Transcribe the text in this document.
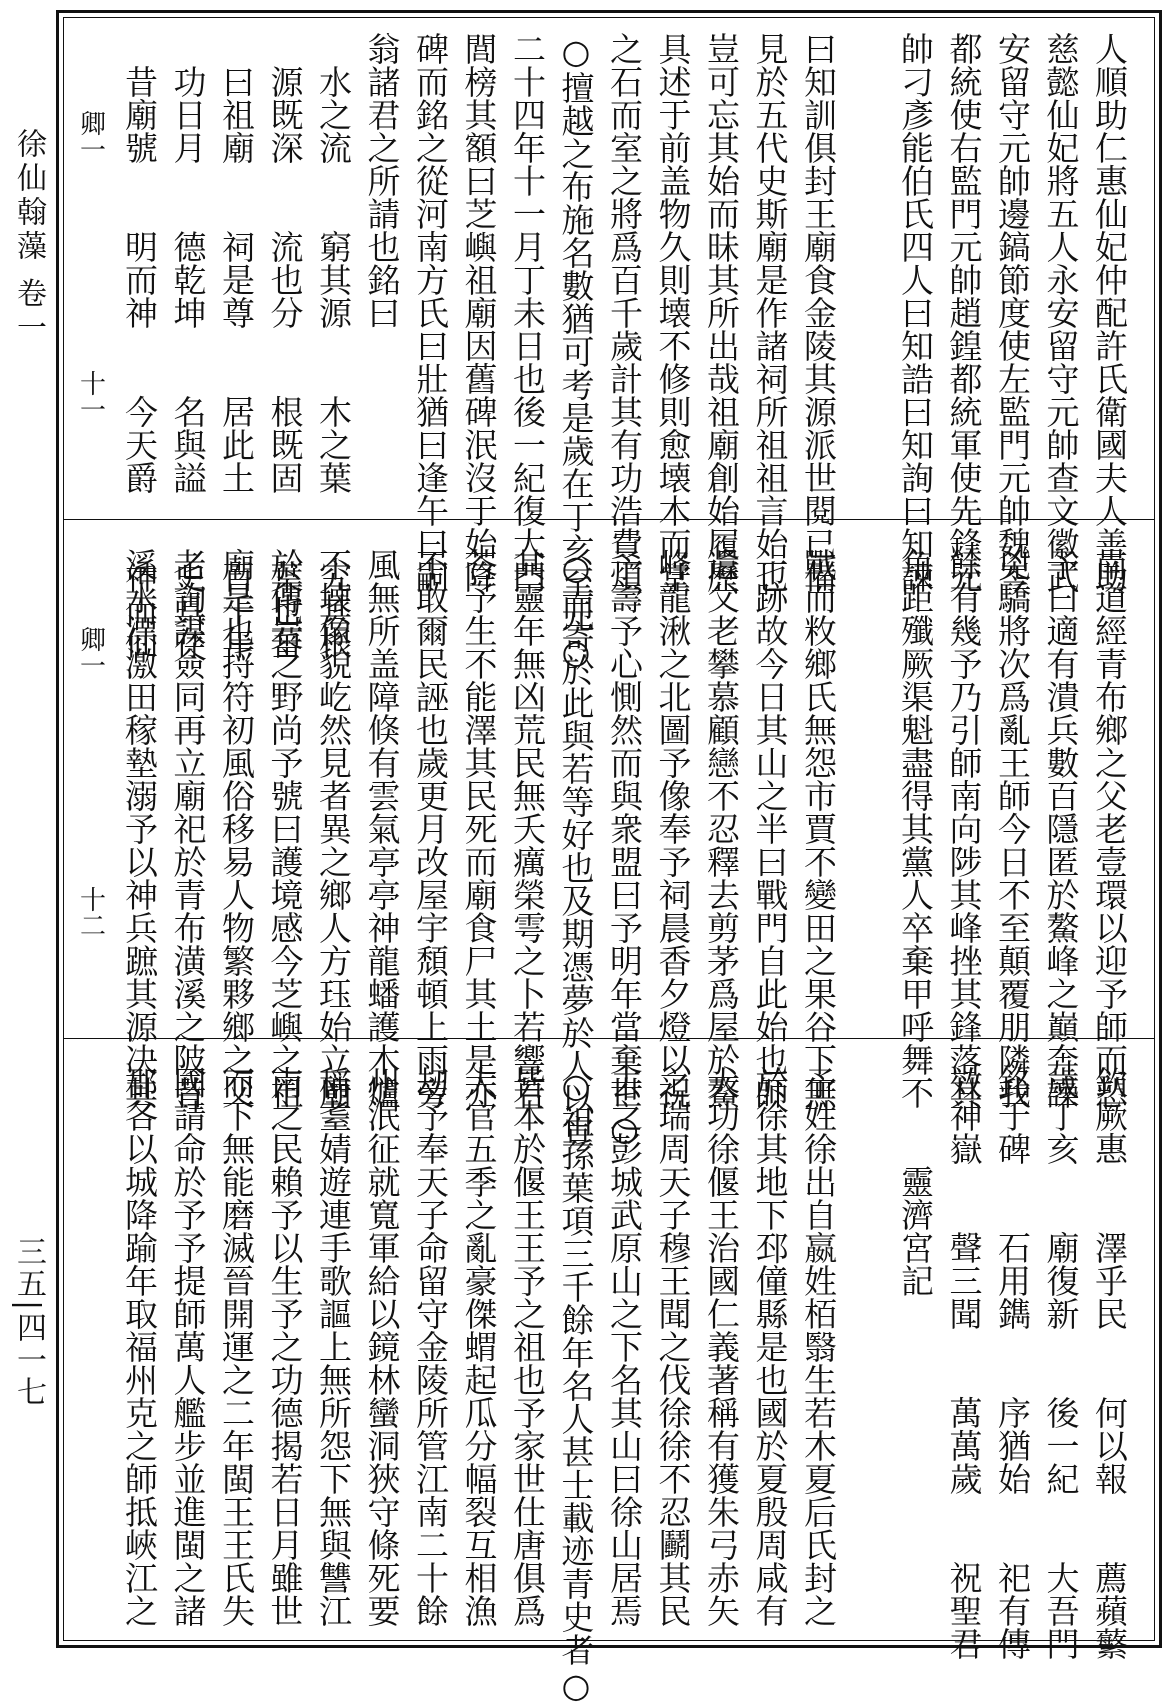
徐仙翰藻 卷一
三五|四一七
人順助仁惠仙妃仲配許氏衛國夫人善助
慈懿仙妃將五人永安留守元帥查文徽武
安留守元帥邊鎬節度使左監門元帥魏岑
都統使右監門元帥趙鍠都統軍使先鋒元
帥刁彥能伯氏四人曰知誥曰知詢曰知諫
曰知訓俱封王廟食金陵其源派世閱已備
見於五代史斯廟是作諸祠所祖祖言始也
豈可忘其始而昧其所出哉祖廟創始履歷
具述于前盖物久則壊不修則愈壊木而堂
之石而室之將爲百千歲計其有功浩費煩
○擅越之布施名數猶可考是歲在丁亥至元○
二十四年十一月丁未日也後一紀復大門
閭榜其額曰芝嶼祖廟因舊碑泯沒于始降
碑而銘之從河南方氏曰壯猶曰逢午曰嗣
翁諸君之所請也銘曰
　水之流　　窮其源　　木之葉　　究其根
　源既深　　流也分　　根既固　　葉也蕃
　曰祖廟　　祠是尊　　居此土　　百千年
　功日月　　德乾坤　　名與謚　　史具存
　昔廟號　　明而神　　今天爵　　神而仙
　　　卿一　　　　　　　　十一
南道經青布鄉之父老壹環以迎予師而愬
予曰適有潰兵數百隱匿於鰲峰之巔奔譟
兇驕將次爲亂王師今日不至顛覆朋隣我
餘有幾予乃引師南向陟其峰挫其鋒落其
角距殲厥渠魁盡得其黨人卒棄甲呼舞不
戰而敉鄉氏無怨市賈不變田之果谷下無
一跡故今日其山之半曰戰門自此始也師
還父老攀慕顧戀不忍釋去剪茅爲屋於鰲
峰龍湫之北圖予像奉予祠晨香夕燈以祝
予壽予心惻然而與衆盟曰予明年當棄世○
○而寄於此與若等好也及期憑夢於人以宣
其靈年無凶荒民無夭癘榮雩之卜若響若
荅予生不能澤其民死而廟食尸其土是亦
不敢爾民誣也歲更月改屋宇頹頓上雨旁
風無所盖障倏有雲氣亭亭神龍蟠護木爐
不壊像貌屹然見者異之鄉人方珏始立廟
於傳岩之野尚予號曰護境感今芝嶼之祖
廟是也捋符初風俗移易人物繁夥鄉之父
老詢謀僉同再立廟祀於青布潢溪之陂昔
溪水漂激田稼墊溺予以神兵蹠其源决其
　　　卿一　　　　　　　　十二
欽厥惠　　澤乎民　　何以報　　薦蘋蘩
歲丁亥　　廟復新　　後一紀　　大吾門
銘于碑　　石用鐫　　序猶始　　祀有傳
效神嶽　　聲三聞　　萬萬歲　　祝聖君
　　　靈濟宮記
予姓徐出自嬴姓栢翳生若木夏后氏封之
於徐其地下邳僮縣是也國於夏殷周咸有
大功徐偃王治國仁義著稱有獲朱弓赤矢
之瑞周天子穆王聞之伐徐徐不忍鬬其民
去之彭城武原山之下名其山曰徐山居焉
○祖孫葉項三千餘年名人甚士載迹青史者○
皆本於偃王王予之祖也予家世仕唐俱爲
大官五季之亂豪傑蝟起瓜分幅裂互相漁
刼予奉天子命留守金陵所管江南二十餘
州泯征就寬軍給以鏡林蠻洞狹守條死要
稱耋婧遊連手歌謳上無所怨下無與讐江
南之民賴予以生予之功德揭若日月雖世
而下無能磨滅晉開運之二年閩王王氏失
國請命於予予提師萬人艦步並進閩之諸
郡各以城降踰年取福州克之師抵峽江之
